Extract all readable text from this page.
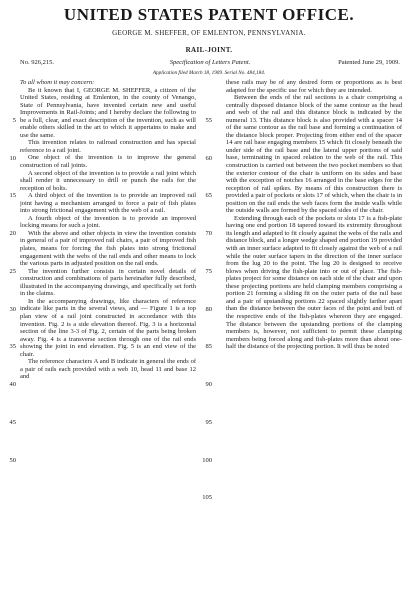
UNITED STATES PATENT OFFICE.
GEORGE M. SHEFFER, OF EMLENTON, PENNSYLVANIA.
RAIL-JOINT.
No. 926,215.	Specification of Letters Patent.	Patented June 29, 1909.
Application filed March 18, 1909. Serial No. 484,184.
5
10
15
20
25
30
35
40
45
50

To all whom it may concern:

Be it known that I, GEORGE M. SHEFFER, a citizen of the United States, residing at Emlenton, in the county of Venango, State of Pennsylvania, have invented certain new and useful Improvements in Rail-Joints; and I hereby declare the following to be a full, clear, and exact description of the invention, such as will enable others skilled in the art to which it appertains to make and use the same.

This invention relates to railroad construction and has special reference to a rail joint.

One object of the invention is to improve the general construction of rail joints.

A second object of the invention is to provide a rail joint which shall render it unnecessary to drill or punch the rails for the reception of bolts.

A third object of the invention is to provide an improved rail joint having a mechanism arranged to force a pair of fish plates into strong frictional engagement with the web of a rail.

A fourth object of the invention is to provide an improved locking means for such a joint.

With the above and other objects in view the invention consists in general of a pair of improved rail chairs, a pair of improved fish plates, means for forcing the fish plates into strong frictional engagement with the webs of the rail ends and other means to lock the various parts in adjusted position on the rail ends.

The invention further consists in certain novel details of construction and combinations of parts hereinafter fully described, illustrated in the accompanying drawings, and specifically set forth in the claims.

In the accompanying drawings, like characters of reference indicate like parts in the several views, and — Figure 1 is a top plan view of a rail joint constructed in accordance with this invention. Fig. 2 is a side elevation thereof. Fig. 3 is a horizontal section of the line 3-3 of Fig. 2, certain of the parts being broken away. Fig. 4 is a transverse section through one of the rail ends showing the joint in end elevation. Fig. 5 is an end view of the chair.

The reference characters A and B indicate in general the ends of a pair of rails each provided with a web 10, head 11 and base 12 and

55
60
65
70
75
80
85
90
95
100
105

these rails may be of any desired form or proportions as is best adapted for the specific use for which they are intended.

Between the ends of the rail sections is a chair comprising a centrally disposed distance block of the same contour as the head and web of the rail and this distance block is indicated by the numeral 13. This distance block is also provided with a spacer 14 of the same contour as the rail base and forming a continuation of the distance block proper. Projecting from either end of the spacer 14 are rail base engaging members 15 which fit closely beneath the under side of the rail base and the lateral upper portions of said base, terminating in spaced relation to the web of the rail. This construction is carried out between the two pocket members so that the exterior contour of the chair is uniform on its sides and base with the exception of notches 16 arranged in the base edges for the reception of rail spikes. By means of this construction there is provided a pair of pockets or slots 17 of which, when the chair is in position on the rail ends the web faces form the inside walls while the outside walls are formed by the spaced sides of the chair.

Extending through each of the pockets or slots 17 is a fish-plate having one end portion 18 tapered toward its extremity throughout its length and adapted to fit closely against the webs of the rails and distance block, and a longer wedge shaped end portion 19 provided with an inner surface adapted to fit closely against the web of a rail while the outer surface tapers in the direction of the inner surface from the lug 20 to the point. The lug 20 is designed to receive blows when driving the fish-plate into or out of place. The fish-plates project for some distance on each side of the chair and upon these projecting portions are held clamping members comprising a portion 21 forming a sliding fit on the outer parts of the rail base and a pair of upstanding portions 22 spaced slightly farther apart than the distance between the outer faces of the point and butt of the respective ends of the fish-plates whereon they are engaged. The distance between the upstanding portions of the clamping members is, however, not sufficient to permit these clamping members being forced along and fish-plates more than about one-half the distance of the projecting portion. It will thus be noted
